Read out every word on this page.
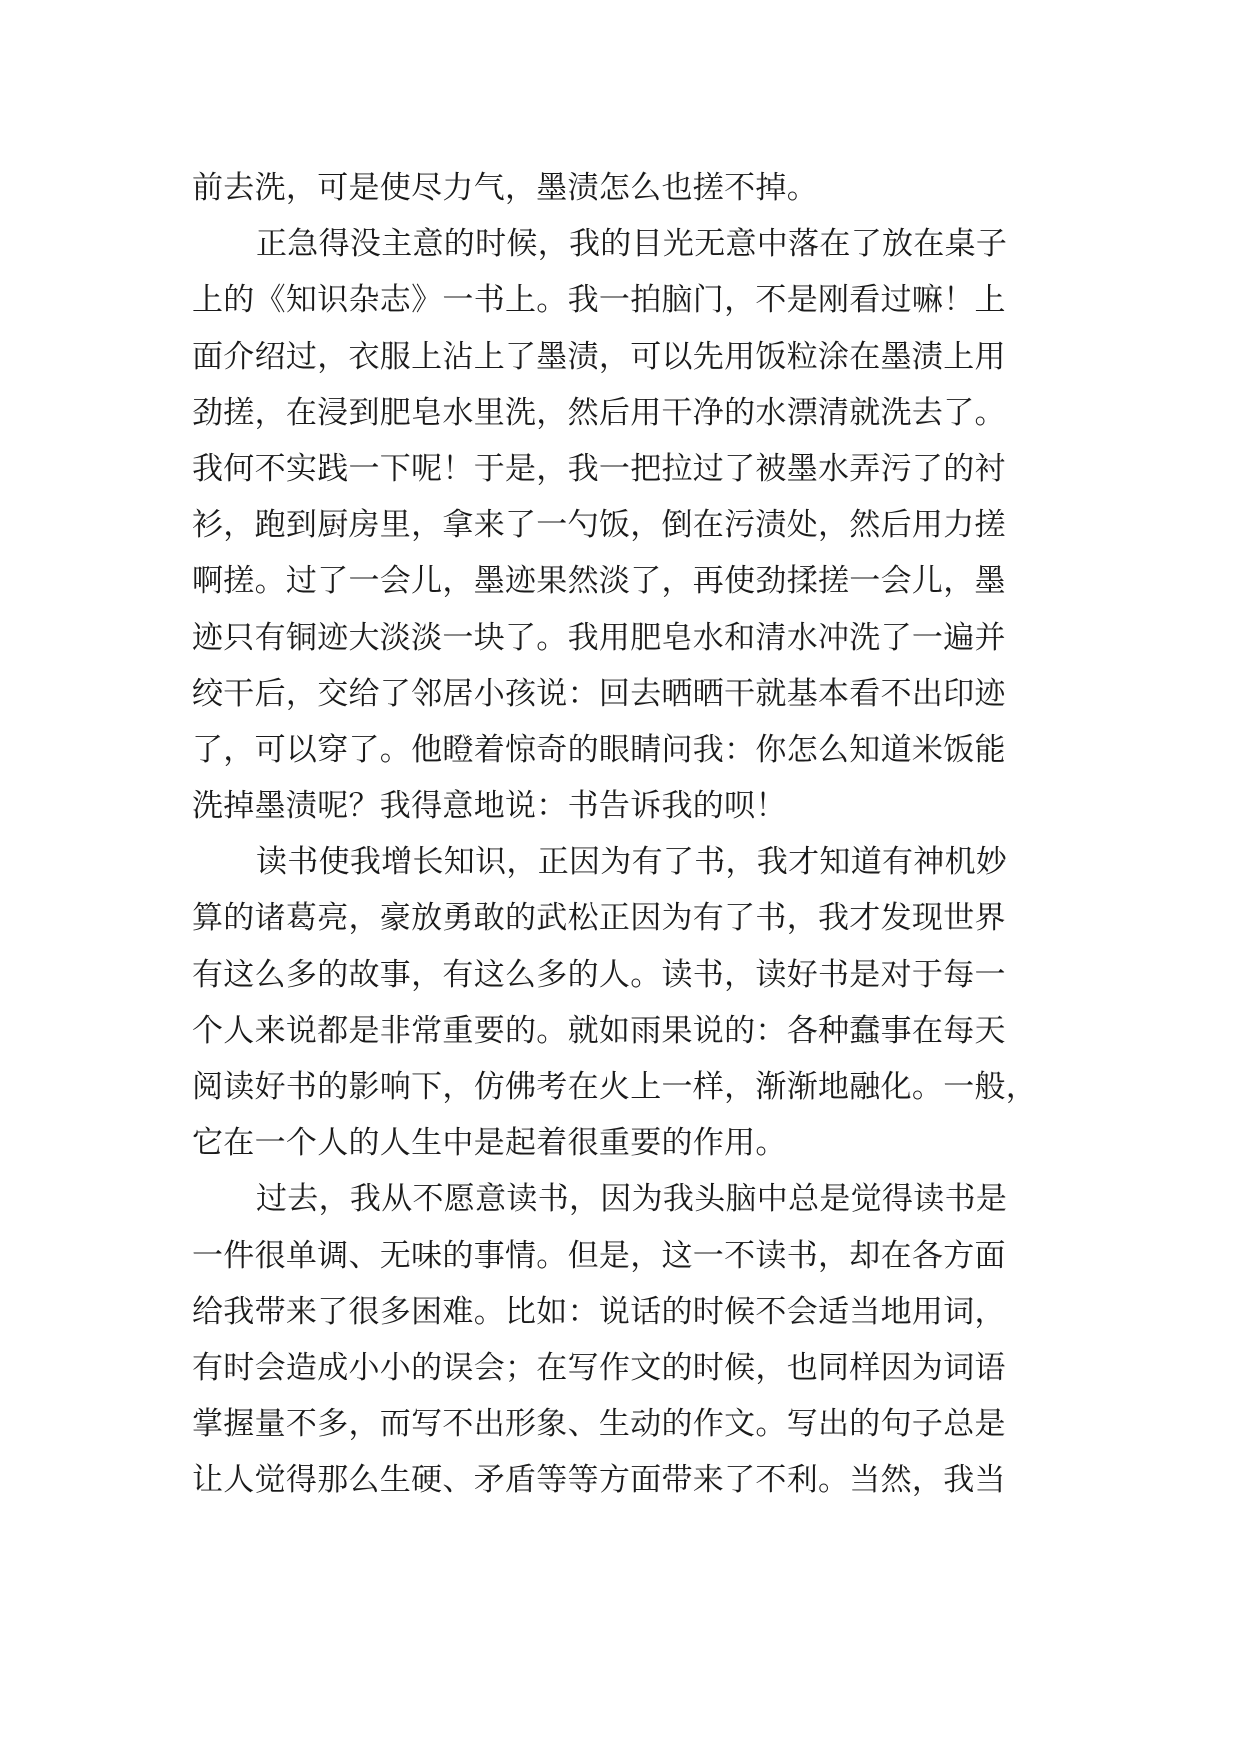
前去洗，可是使尽力气，墨渍怎么也搓不掉。
正急得没主意的时候，我的目光无意中落在了放在桌子
上的《知识杂志》一书上。我一拍脑门，不是刚看过嘛！上
面介绍过，衣服上沾上了墨渍，可以先用饭粒涂在墨渍上用
劲搓，在浸到肥皂水里洗，然后用干净的水漂清就洗去了。
我何不实践一下呢！于是，我一把拉过了被墨水弄污了的衬
衫，跑到厨房里，拿来了一勺饭，倒在污渍处，然后用力搓
啊搓。过了一会儿，墨迹果然淡了，再使劲揉搓一会儿，墨
迹只有铜迹大淡淡一块了。我用肥皂水和清水冲洗了一遍并
绞干后，交给了邻居小孩说：回去晒晒干就基本看不出印迹
了，可以穿了。他瞪着惊奇的眼睛问我：你怎么知道米饭能
洗掉墨渍呢？我得意地说：书告诉我的呗！
读书使我增长知识，正因为有了书，我才知道有神机妙
算的诸葛亮，豪放勇敢的武松正因为有了书，我才发现世界
有这么多的故事，有这么多的人。读书，读好书是对于每一
个人来说都是非常重要的。就如雨果说的：各种蠢事在每天
阅读好书的影响下，仿佛考在火上一样，渐渐地融化。一般，
它在一个人的人生中是起着很重要的作用。
过去，我从不愿意读书，因为我头脑中总是觉得读书是
一件很单调、无味的事情。但是，这一不读书，却在各方面
给我带来了很多困难。比如：说话的时候不会适当地用词，
有时会造成小小的误会；在写作文的时候，也同样因为词语
掌握量不多，而写不出形象、生动的作文。写出的句子总是
让人觉得那么生硬、矛盾等等方面带来了不利。当然，我当
